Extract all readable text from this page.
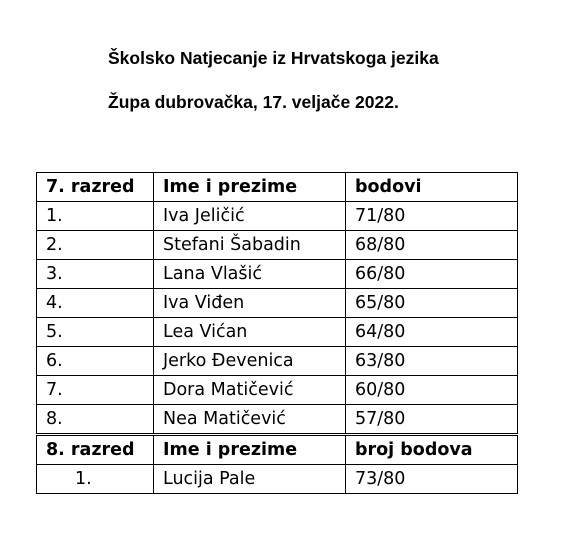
Školsko Natjecanje iz Hrvatskoga jezika
Župa dubrovačka, 17. veljače 2022.
7. razred	Ime i prezime	bodovi
1.	Iva Jeličić	71/80
2.	Stefani Šabadin	68/80
3.	Lana Vlašić	66/80
4.	Iva Viđen	65/80
5.	Lea Vićan	64/80
6.	Jerko Đevenica	63/80
7.	Dora Matičević	60/80
8.	Nea Matičević	57/80
8. razred	Ime i prezime	broj bodova
1.	Lucija Pale	73/80
